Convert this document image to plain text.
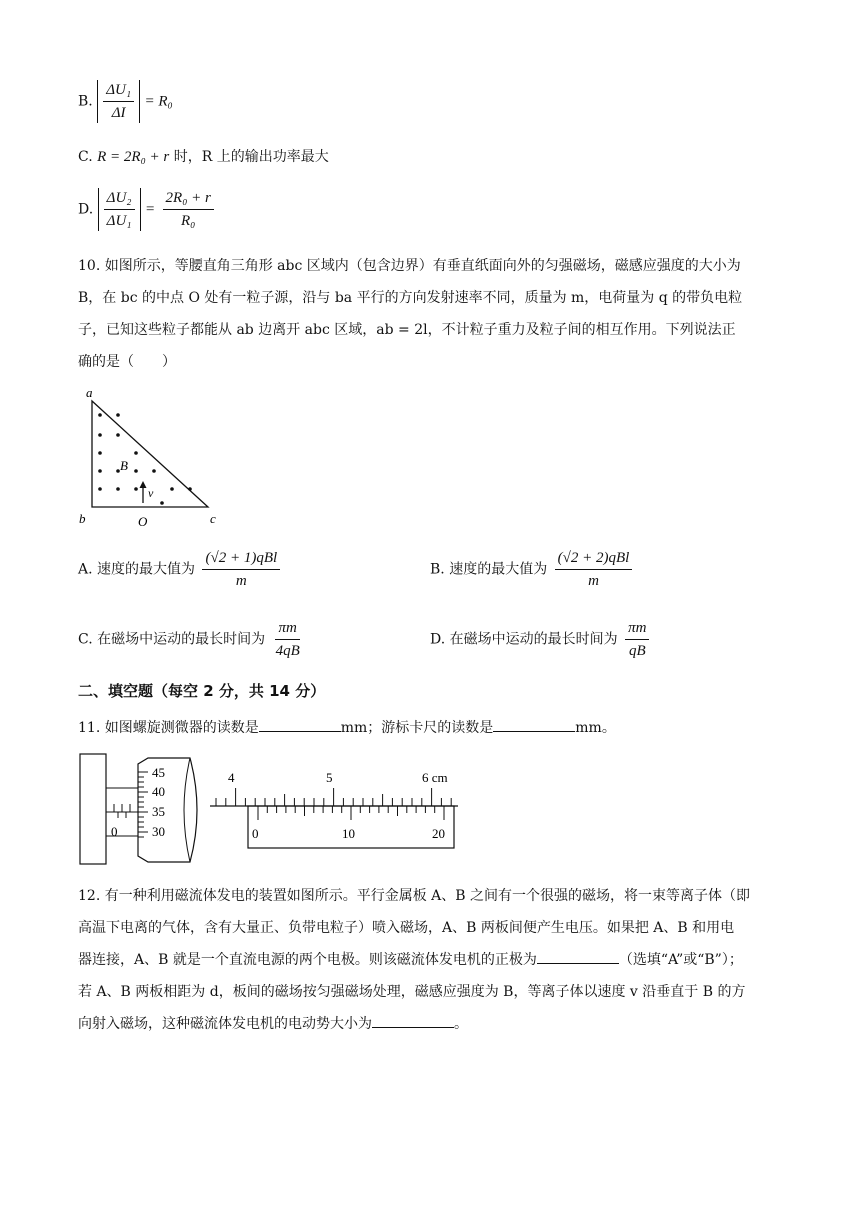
B. $\frac{\text{ΔU₁}}{\Delta I} = R_0$
C. R = 2R₀ + r 时，R 上的输出功率最大
D. $\frac{\text{ΔU₂}}{\text{ΔU₁}} = \frac{\text{2R₀ + r}}{\text{R₀}}$
10. 如图所示，等腰直角三角形 abc 区域内（包含边界）有垂直纸面向外的匀强磁场，磁感应强度的大小为
B，在 bc 的中点 O 处有一粒子源，沿与 ba 平行的方向发射速率不同，质量为 m，电荷量为 q 的带负电粒
子，已知这些粒子都能从 ab 边离开 abc 区域，ab = 2l，不计粒子重力及粒子间的相互作用。下列说法正
确的是（　　）
B
v
a
b	O	c
A. 速度的最大值为 $\frac{\text{(√2 + 1)qBl}}{m}$	B. 速度的最大值为 $\frac{\text{(√2 + 2)qBl}}{m}$
C. 在磁场中运动的最长时间为 $\frac{\pi m}{4qB}$	D. 在磁场中运动的最长时间为 $\frac{\pi m}{qB}$
二、填空题（每空 2 分，共 14 分）
11. 如图螺旋测微器的读数是	mm；游标卡尺的读数是	mm。
45
40
35
30
0
4	5	6 cm
0	10	20
12. 有一种利用磁流体发电的装置如图所示。平行金属板 A、B 之间有一个很强的磁场，将一束等离子体（即
高温下电离的气体，含有大量正、负带电粒子）喷入磁场，A、B 两板间便产生电压。如果把 A、B 和用电
器连接，A、B 就是一个直流电源的两个电极。则该磁流体发电机的正极为	（选填“A”或“B”）；
若 A、B 两板相距为 d，板间的磁场按匀强磁场处理，磁感应强度为 B，等离子体以速度 v 沿垂直于 B 的方
向射入磁场，这种磁流体发电机的电动势大小为	。
